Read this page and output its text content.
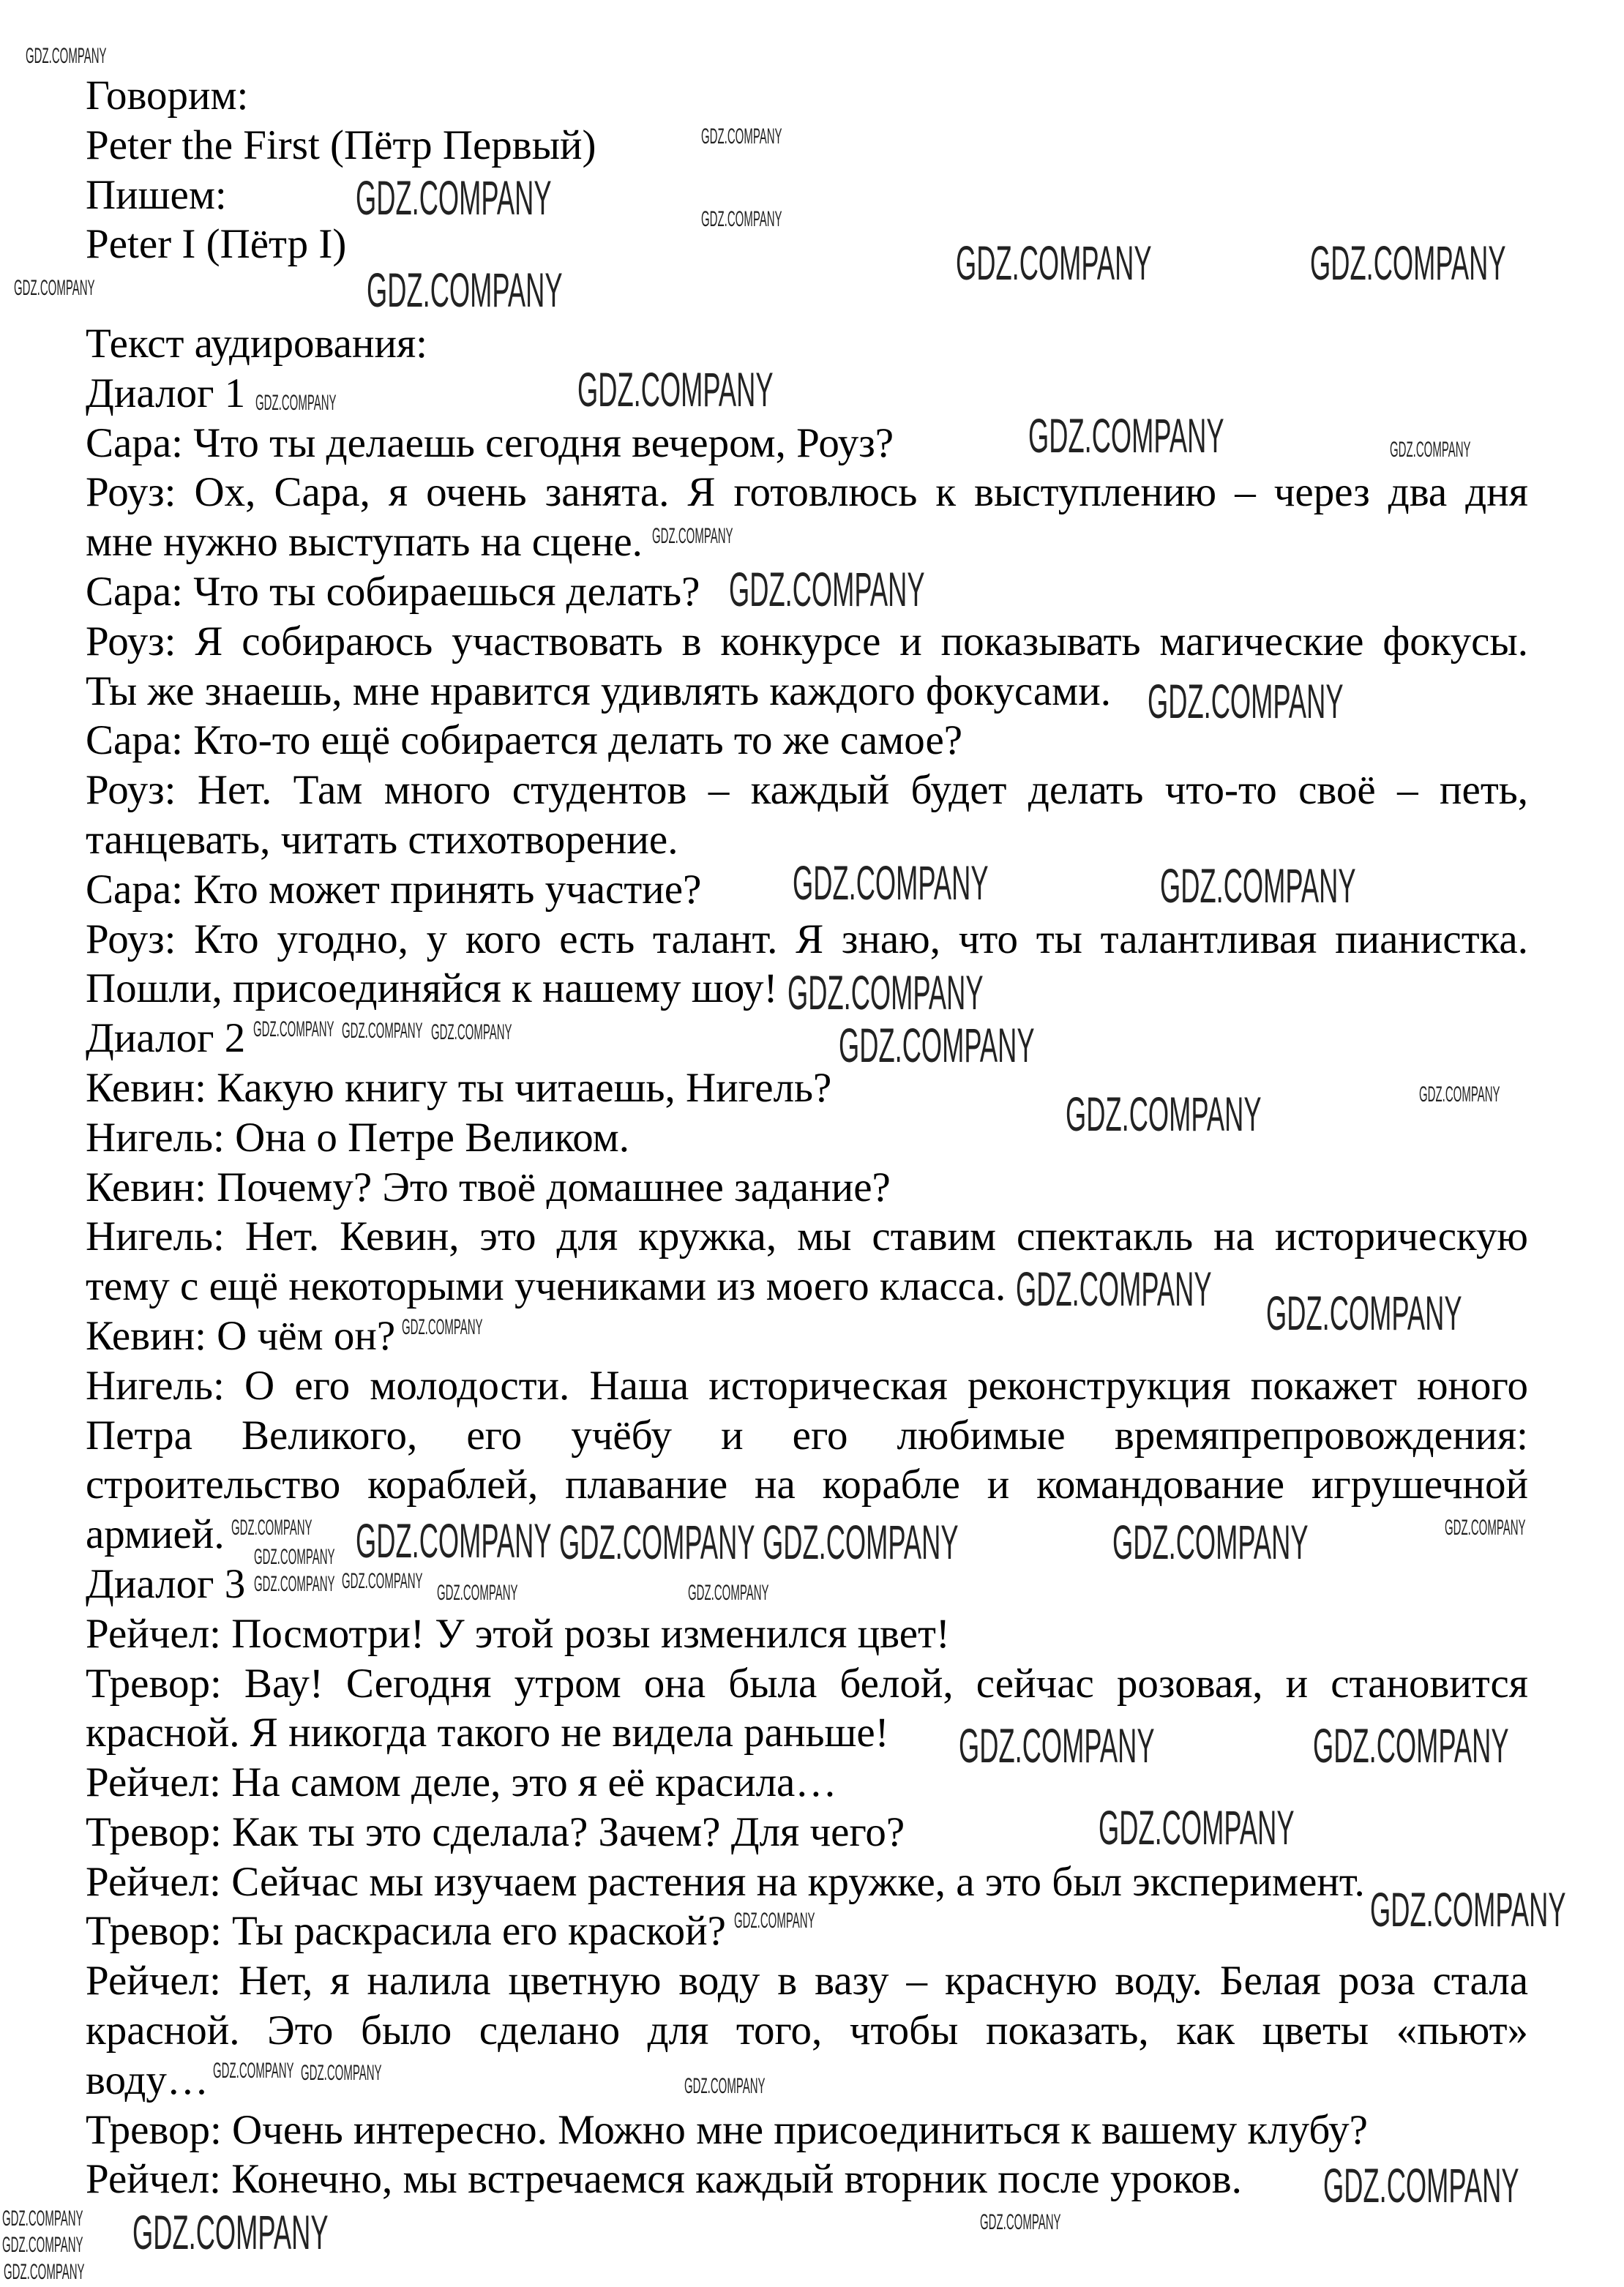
Говорим:
Peter the First (Пётр Первый)
Пишем:
Peter I (Пётр I)
Текст аудирования:
Диалог 1
Сара: Что ты делаешь сегодня вечером, Роуз?
Роуз: Ох, Сара, я очень занята. Я готовлюсь к выступлению – через два дня
мне нужно выступать на сцене.
Сара: Что ты собираешься делать?
Роуз: Я собираюсь участвовать в конкурсе и показывать магические фокусы.
Ты же знаешь, мне нравится удивлять каждого фокусами.
Сара: Кто-то ещё собирается делать то же самое?
Роуз: Нет. Там много студентов – каждый будет делать что-то своё – петь,
танцевать, читать стихотворение.
Сара: Кто может принять участие?
Роуз: Кто угодно, у кого есть талант. Я знаю, что ты талантливая пианистка.
Пошли, присоединяйся к нашему шоу!
Диалог 2
Кевин: Какую книгу ты читаешь, Нигель?
Нигель: Она о Петре Великом.
Кевин: Почему? Это твоё домашнее задание?
Нигель: Нет. Кевин, это для кружка, мы ставим спектакль на историческую
тему с ещё некоторыми учениками из моего класса.
Кевин: О чём он?
Нигель: О его молодости. Наша историческая реконструкция покажет юного
Петра Великого, его учёбу и его любимые времяпрепровождения:
строительство кораблей, плавание на корабле и командование игрушечной
армией.
Диалог 3
Рейчел: Посмотри! У этой розы изменился цвет!
Тревор: Вау! Сегодня утром она была белой, сейчас розовая, и становится
красной. Я никогда такого не видела раньше!
Рейчел: На самом деле, это я её красила…
Тревор: Как ты это сделала? Зачем? Для чего?
Рейчел: Сейчас мы изучаем растения на кружке, а это был эксперимент.
Тревор: Ты раскрасила его краской?
Рейчел: Нет, я налила цветную воду в вазу – красную воду. Белая роза стала
красной. Это было сделано для того, чтобы показать, как цветы «пьют»
воду…
Тревор: Очень интересно. Можно мне присоединиться к вашему клубу?
Рейчел: Конечно, мы встречаемся каждый вторник после уроков.
GDZ.COMPANY
GDZ.COMPANY	GDZ.COMPANY
GDZ.COMPANY
GDZ.COMPANY
GDZ.COMPANY
GDZ.COMPANY
GDZ.COMPANY
GDZ.COMPANY	GDZ.COMPANY
GDZ.COMPANY
GDZ.COMPANY
GDZ.COMPANY
GDZ.COMPANY
GDZ.COMPANY
GDZ.COMPANY
GDZ.COMPANY GDZ.COMPANY	GDZ.COMPANY
GDZ.COMPANY	GDZ.COMPANY
GDZ.COMPANY
GDZ.COMPANY
GDZ.COMPANY
GDZ.COMPANY
GDZ.COMPANY
GDZ.COMPANY
GDZ.COMPANY
GDZ.COMPANY
GDZ.COMPANY
GDZ.COMPANY
GDZ.COMPANY
GDZ.COMPANY GDZ.COMPANY GDZ.COMPANY
GDZ.COMPANY
GDZ.COMPANY
GDZ.COMPANY
GDZ.COMPANY
GDZ.COMPANY
GDZ.COMPANY GDZ.COMPANY GDZ.COMPANY	GDZ.COMPANY
GDZ.COMPANY GDZ.COMPANY
GDZ.COMPANY
GDZ.COMPANY
GDZ.COMPANY
GDZ.COMPANY
GDZ.COMPANY
GDZ.COMPANY
